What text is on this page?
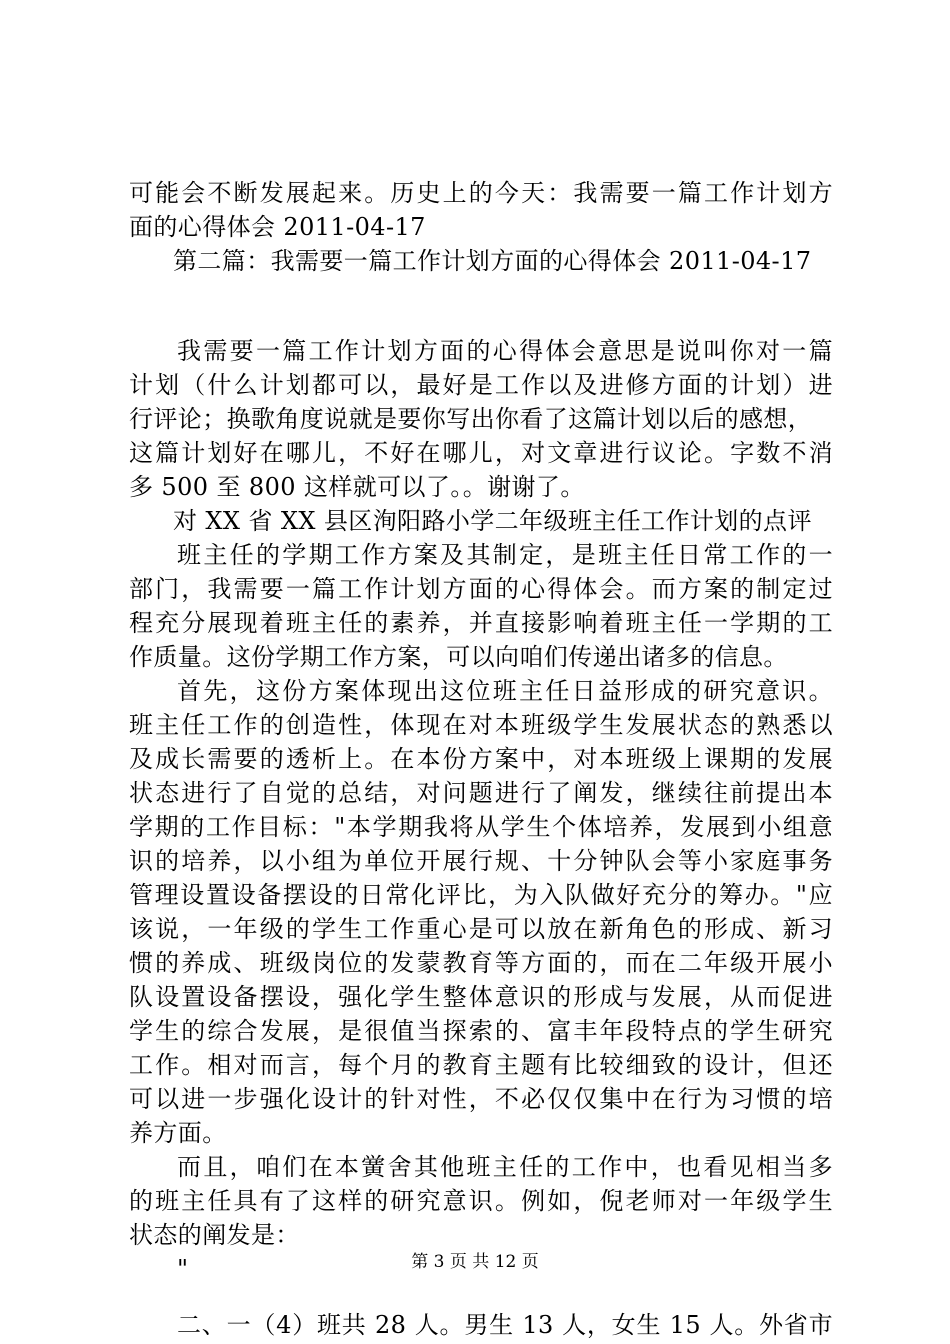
可能会不断发展起来。历史上的今天：我需要一篇工作计划方
面的心得体会 2011-04-17
第二篇：我需要一篇工作计划方面的心得体会 2011-04-17
我需要一篇工作计划方面的心得体会意思是说叫你对一篇
计划（什么计划都可以，最好是工作以及进修方面的计划）进
行评论；换歌角度说就是要你写出你看了这篇计划以后的感想，
这篇计划好在哪儿，不好在哪儿，对文章进行议论。字数不消
多 500 至 800 这样就可以了。。谢谢了。
对 XX 省 XX 县区洵阳路小学二年级班主任工作计划的点评
班主任的学期工作方案及其制定，是班主任日常工作的一
部门，我需要一篇工作计划方面的心得体会。而方案的制定过
程充分展现着班主任的素养，并直接影响着班主任一学期的工
作质量。这份学期工作方案，可以向咱们传递出诸多的信息。
首先，这份方案体现出这位班主任日益形成的研究意识。
班主任工作的创造性，体现在对本班级学生发展状态的熟悉以
及成长需要的透析上。在本份方案中，对本班级上课期的发展
状态进行了自觉的总结，对问题进行了阐发，继续往前提出本
学期的工作目标："本学期我将从学生个体培养，发展到小组意
识的培养，以小组为单位开展行规、十分钟队会等小家庭事务
管理设置设备摆设的日常化评比，为入队做好充分的筹办。"应
该说，一年级的学生工作重心是可以放在新角色的形成、新习
惯的养成、班级岗位的发蒙教育等方面的，而在二年级开展小
队设置设备摆设，强化学生整体意识的形成与发展，从而促进
学生的综合发展，是很值当探索的、富丰年段特点的学生研究
工作。相对而言，每个月的教育主题有比较细致的设计，但还
可以进一步强化设计的针对性，不必仅仅集中在行为习惯的培
养方面。
而且，咱们在本黉舍其他班主任的工作中，也看见相当多
的班主任具有了这样的研究意识。例如，倪老师对一年级学生
状态的阐发是：
"
二、一（4）班共 28 人。男生 13 人，女生 15 人。外省市
第 3 页 共 12 页
